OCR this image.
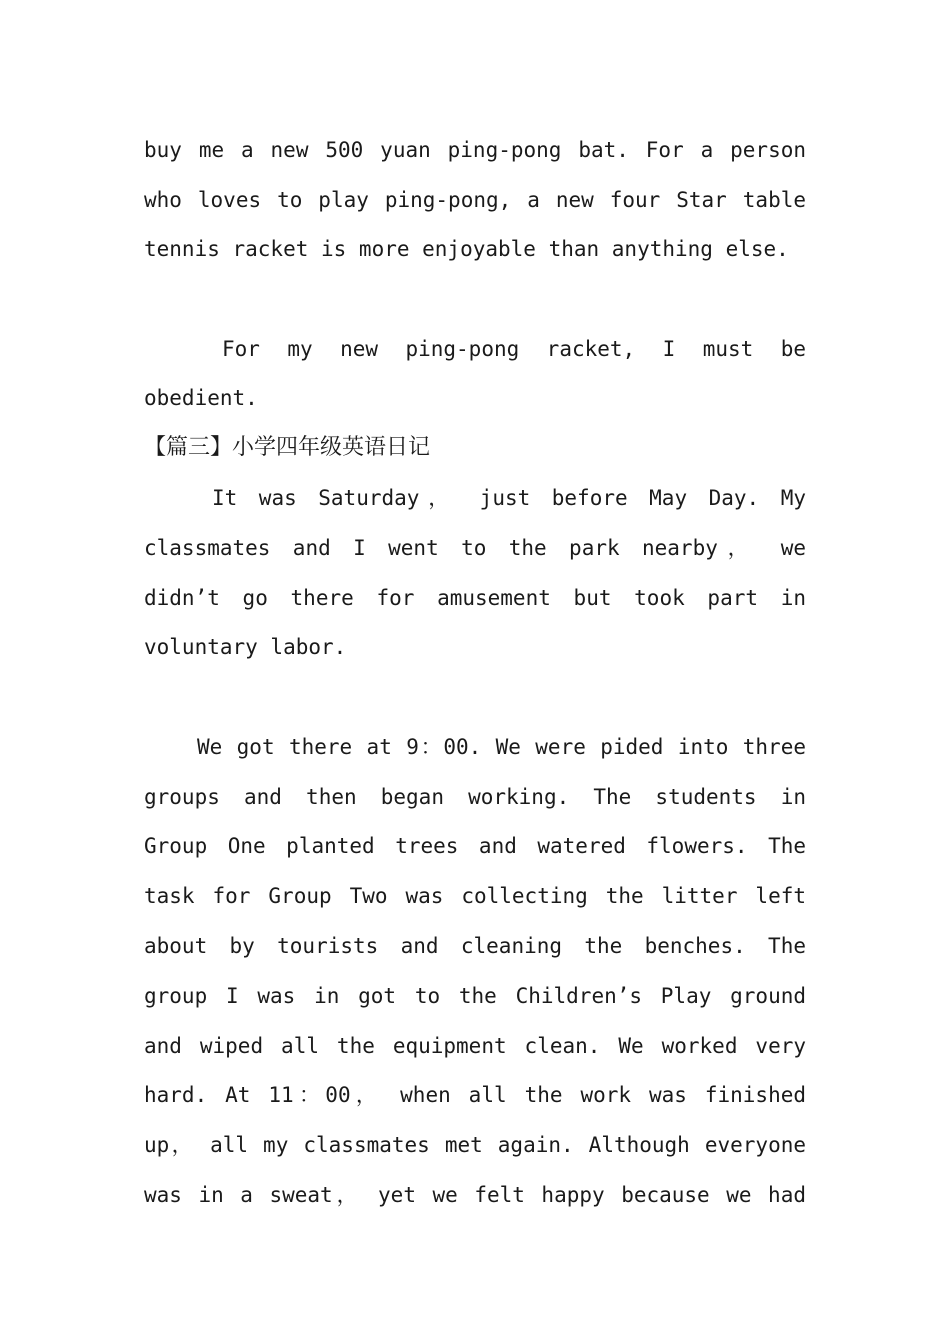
buy me a new 500 yuan ping-pong bat. For a person
who loves to play ping-pong, a new four Star table
tennis racket is more enjoyable than anything else.
For my new ping-pong racket, I must be
obedient.
【篇三】小学四年级英语日记
It was Saturday， just before May Day. My
classmates and I went to the park nearby， we
didn’t go there for amusement but took part in
voluntary labor.
We got there at 9：00. We were pided into three
groups and then began working. The students in
Group One planted trees and watered flowers. The
task for Group Two was collecting the litter left
about by tourists and cleaning the benches. The
group I was in got to the Children’s Play ground
and wiped all the equipment clean. We worked very
hard. At 11：00， when all the work was finished
up， all my classmates met again. Although everyone
was in a sweat， yet we felt happy because we had
